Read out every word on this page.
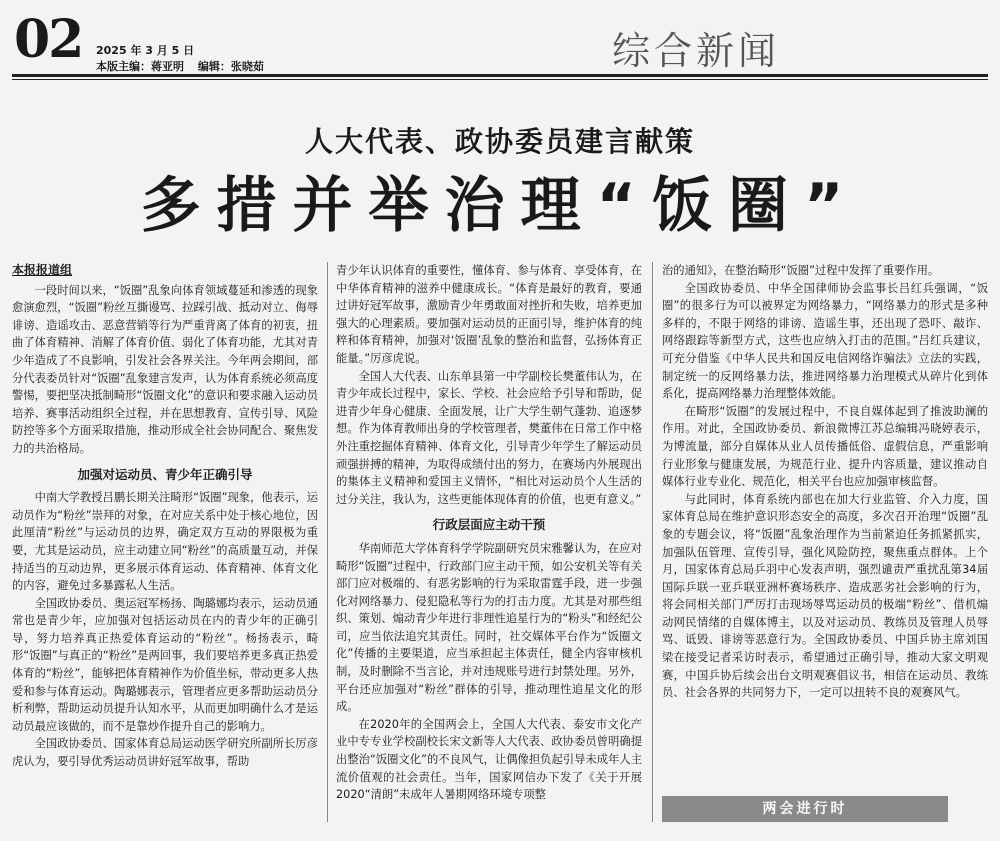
02 2025 年 3 月 5 日
本版主编：蒋亚明 编辑：张晓茹	综合新闻
人大代表、政协委员建言献策
多措并举治理“饭圈”

本报报道组

一段时间以来，“饭圈”乱象向体育领域蔓延和渗透的现象愈演愈烈，“饭圈”粉丝互撕谩骂、拉踩引战、抵动对立、侮辱诽谤、造谣攻击、恶意营销等行为严重背离了体育的初衷，扭曲了体育精神、消解了体育价值、弱化了体育功能，尤其对青少年造成了不良影响，引发社会各界关注。今年两会期间，部分代表委员针对“饭圈”乱象建言发声，认为体育系统必须高度警惕，要把坚决抵制畸形“饭圈文化”的意识和要求融入运动员培养、赛事活动组织全过程，并在思想教育、宣传引导、风险防控等多个方面采取措施，推动形成全社会协同配合、聚焦发力的共治格局。

加强对运动员、青少年正确引导

中南大学教授吕鹏长期关注畸形“饭圈”现象，他表示，运动员作为“粉丝”崇拜的对象，在对应关系中处于核心地位，因此厘清“粉丝”与运动员的边界，确定双方互动的界限极为重要，尤其是运动员，应主动建立同“粉丝”的高质量互动，并保持适当的互动边界，更多展示体育运动、体育精神、体育文化的内容，避免过多暴露私人生活。

全国政协委员、奥运冠军杨扬、陶璐娜均表示，运动员通常也是青少年，应加强对包括运动员在内的青少年的正确引导，努力培养真正热爱体育运动的“粉丝”。杨扬表示，畸形“饭圈”与真正的“粉丝”是两回事，我们要培养更多真正热爱体育的“粉丝”，能够把体育精神作为价值坐标，带动更多人热爱和参与体育运动。陶璐娜表示，管理者应更多帮助运动员分析利弊，帮助运动员提升认知水平，从而更加明确什么才是运动员最应该做的，而不是靠炒作提升自己的影响力。

全国政协委员、国家体育总局运动医学研究所副所长厉彦虎认为，要引导优秀运动员讲好冠军故事，帮助

青少年认识体育的重要性，懂体育、参与体育、享受体育，在中华体育精神的滋养中健康成长。“体育是最好的教育，要通过讲好冠军故事，激励青少年勇敢面对挫折和失败，培养更加强大的心理素质。要加强对运动员的正面引导，维护体育的纯粹和体育精神，加强对‘饭圈’乱象的整治和监督，弘扬体育正能量。”厉彦虎说。

全国人大代表、山东单县第一中学副校长樊董伟认为，在青少年成长过程中，家长、学校、社会应给予引导和帮助，促进青少年身心健康、全面发展，让广大学生朝气蓬勃、追逐梦想。作为体育教师出身的学校管理者，樊董伟在日常工作中格外注重挖掘体育精神、体育文化，引导青少年学生了解运动员顽强拼搏的精神，为取得成绩付出的努力，在赛场内外展现出的集体主义精神和爱国主义情怀，“相比对运动员个人生活的过分关注，我认为，这些更能体现体育的价值，也更有意义。”

行政层面应主动干预

华南师范大学体育科学学院副研究员宋雅馨认为，在应对畸形“饭圈”过程中，行政部门应主动干预，如公安机关等有关部门应对极端的、有恶劣影响的行为采取雷霆手段，进一步强化对网络暴力、侵犯隐私等行为的打击力度。尤其是对那些组织、策划、煽动青少年进行非理性追星行为的“粉头”和经纪公司，应当依法追究其责任。同时，社交媒体平台作为“饭圈文化”传播的主要渠道，应当承担起主体责任，健全内容审核机制，及时删除不当言论，并对违规账号进行封禁处理。另外，平台还应加强对“粉丝”群体的引导，推动理性追星文化的形成。

在2020年的全国两会上，全国人大代表、泰安市文化产业中专专业学校副校长宋文新等人大代表、政协委员曾明确提出整治“饭圈文化”的不良风气，让偶像担负起引导未成年人主流价值观的社会责任。当年，国家网信办下发了《关于开展2020“清朗”未成年人暑期网络环境专项整

治的通知》，在整治畸形“饭圈”过程中发挥了重要作用。

全国政协委员、中华全国律师协会监事长吕红兵强调，“饭圈”的很多行为可以被界定为网络暴力，“网络暴力的形式是多种多样的，不限于网络的诽谤、造谣生事，还出现了恐吓、敲诈、网络跟踪等新型方式，这些也应纳入打击的范围。”吕红兵建议，可充分借鉴《中华人民共和国反电信网络诈骗法》立法的实践，制定统一的反网络暴力法，推进网络暴力治理模式从碎片化到体系化，提高网络暴力治理整体效能。

在畸形“饭圈”的发展过程中，不良自媒体起到了推波助澜的作用。对此，全国政协委员、新浪微博江苏总编辑冯晓婷表示，为博流量，部分自媒体从业人员传播低俗、虚假信息，严重影响行业形象与健康发展，为规范行业、提升内容质量，建议推动自媒体行业专业化、规范化，相关平台也应加强审核监督。

与此同时，体育系统内部也在加大行业监管、介入力度，国家体育总局在维护意识形态安全的高度，多次召开治理“饭圈”乱象的专题会议，将“饭圈”乱象治理作为当前紧迫任务抓紧抓实，加强队伍管理、宣传引导，强化风险防控，聚焦重点群体。上个月，国家体育总局乒羽中心发表声明，强烈谴责严重扰乱第34届国际乒联一亚乒联亚洲杯赛场秩序、造成恶劣社会影响的行为，将会同相关部门严厉打击现场辱骂运动员的极端“粉丝”、借机煽动网民情绪的自媒体博主，以及对运动员、教练员及管理人员辱骂、诋毁、诽谤等恶意行为。全国政协委员、中国乒协主席刘国梁在接受记者采访时表示，希望通过正确引导，推动大家文明观赛，中国乒协后续会出台文明观赛倡议书，相信在运动员、教练员、社会各界的共同努力下，一定可以扭转不良的观赛风气。

两会进行时
